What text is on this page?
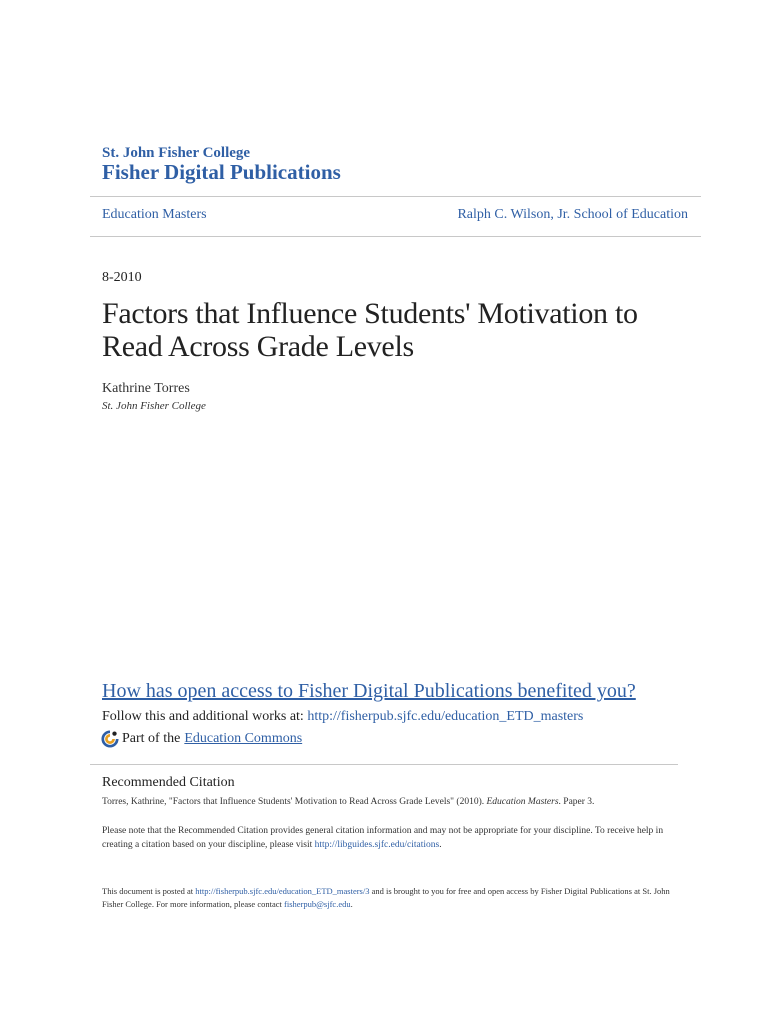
St. John Fisher College
Fisher Digital Publications
Education Masters	Ralph C. Wilson, Jr. School of Education
8-2010
Factors that Influence Students' Motivation to Read Across Grade Levels
Kathrine Torres
St. John Fisher College
How has open access to Fisher Digital Publications benefited you?
Follow this and additional works at: http://fisherpub.sjfc.edu/education_ETD_masters
Part of the Education Commons
Recommended Citation
Torres, Kathrine, "Factors that Influence Students' Motivation to Read Across Grade Levels" (2010). Education Masters. Paper 3.
Please note that the Recommended Citation provides general citation information and may not be appropriate for your discipline. To receive help in creating a citation based on your discipline, please visit http://libguides.sjfc.edu/citations.
This document is posted at http://fisherpub.sjfc.edu/education_ETD_masters/3 and is brought to you for free and open access by Fisher Digital Publications at St. John Fisher College. For more information, please contact fisherpub@sjfc.edu.
